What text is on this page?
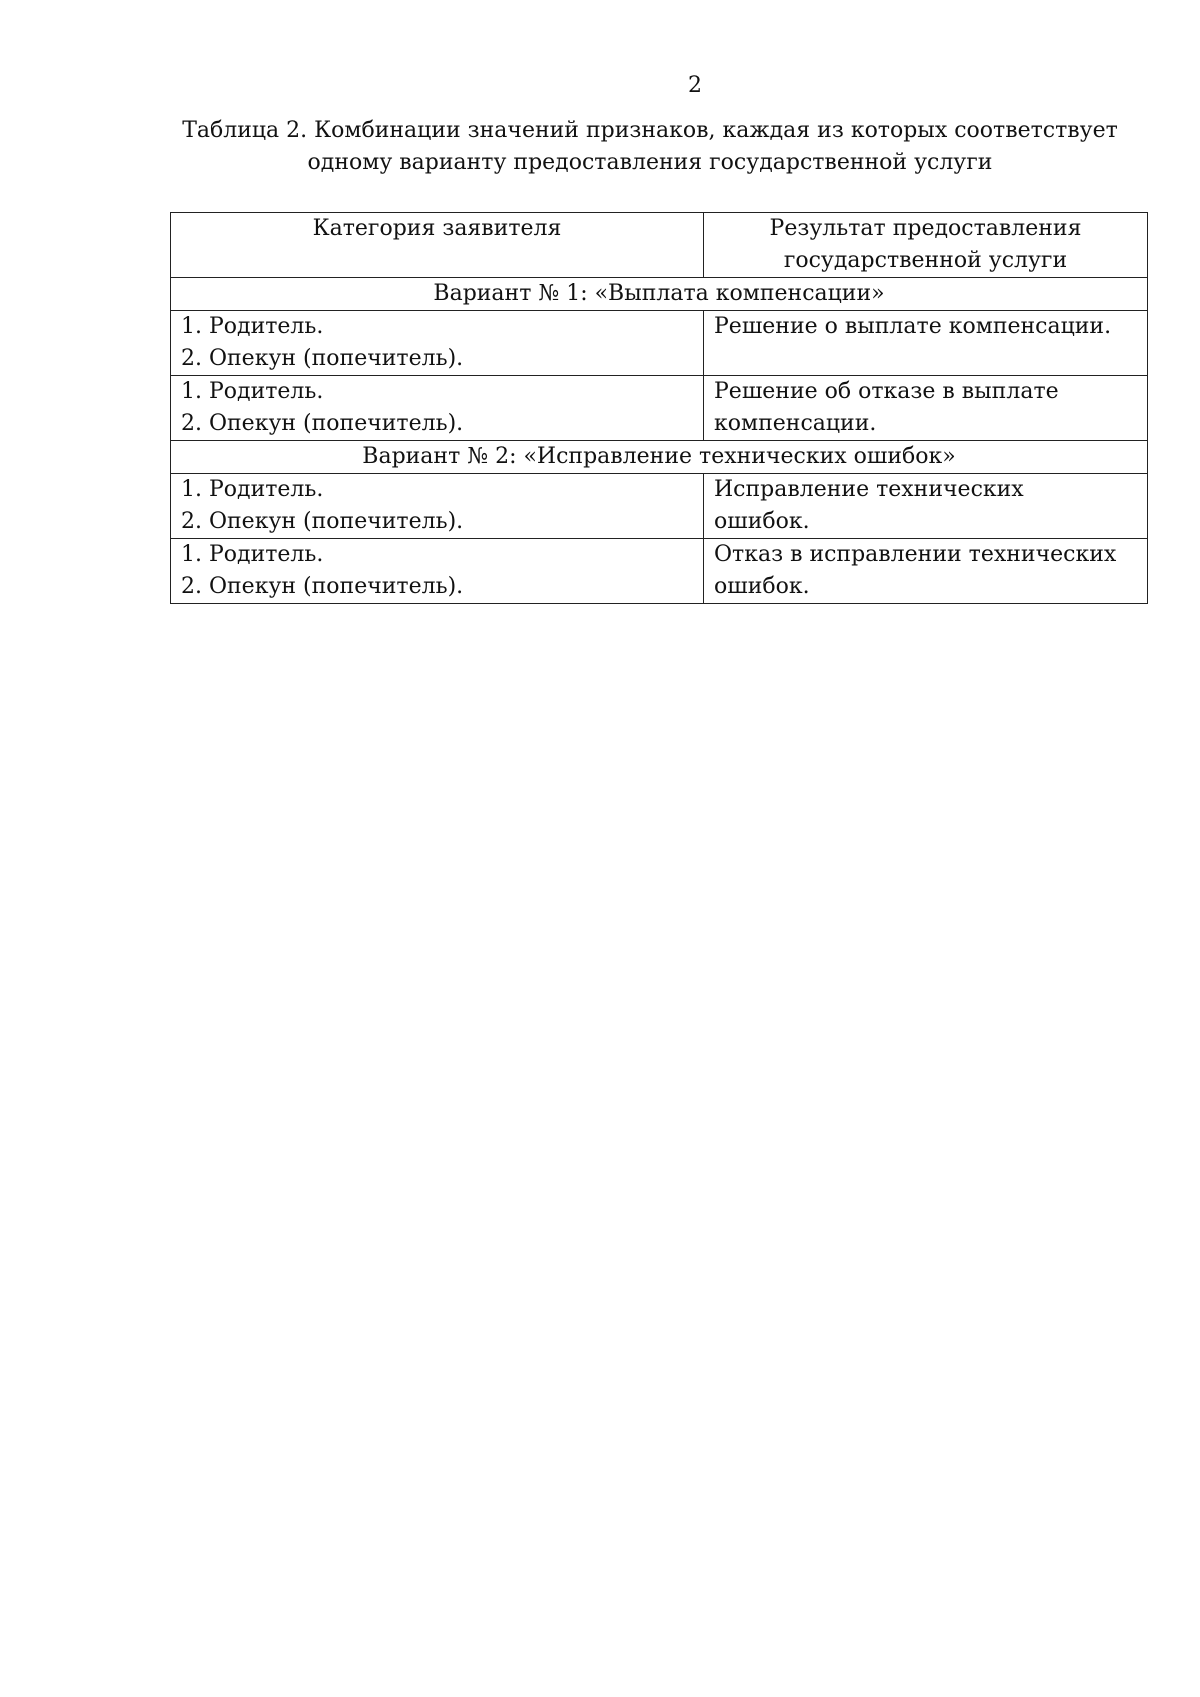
2
Таблица 2. Комбинации значений признаков, каждая из которых соответствует
одному варианту предоставления государственной услуги
Категория заявителя	Результат предоставления
государственной услуги

Вариант № 1: «Выплата компенсации»	

1. Родитель.
2. Опекун (попечитель).	Решение о выплате компенсации.

1. Родитель.
2. Опекун (попечитель).	Решение об отказе в выплате
компенсации.

Вариант № 2: «Исправление технических ошибок»	

1. Родитель.
2. Опекун (попечитель).	Исправление технических
ошибок.

1. Родитель.
2. Опекун (попечитель).	Отказ в исправлении технических
ошибок.
